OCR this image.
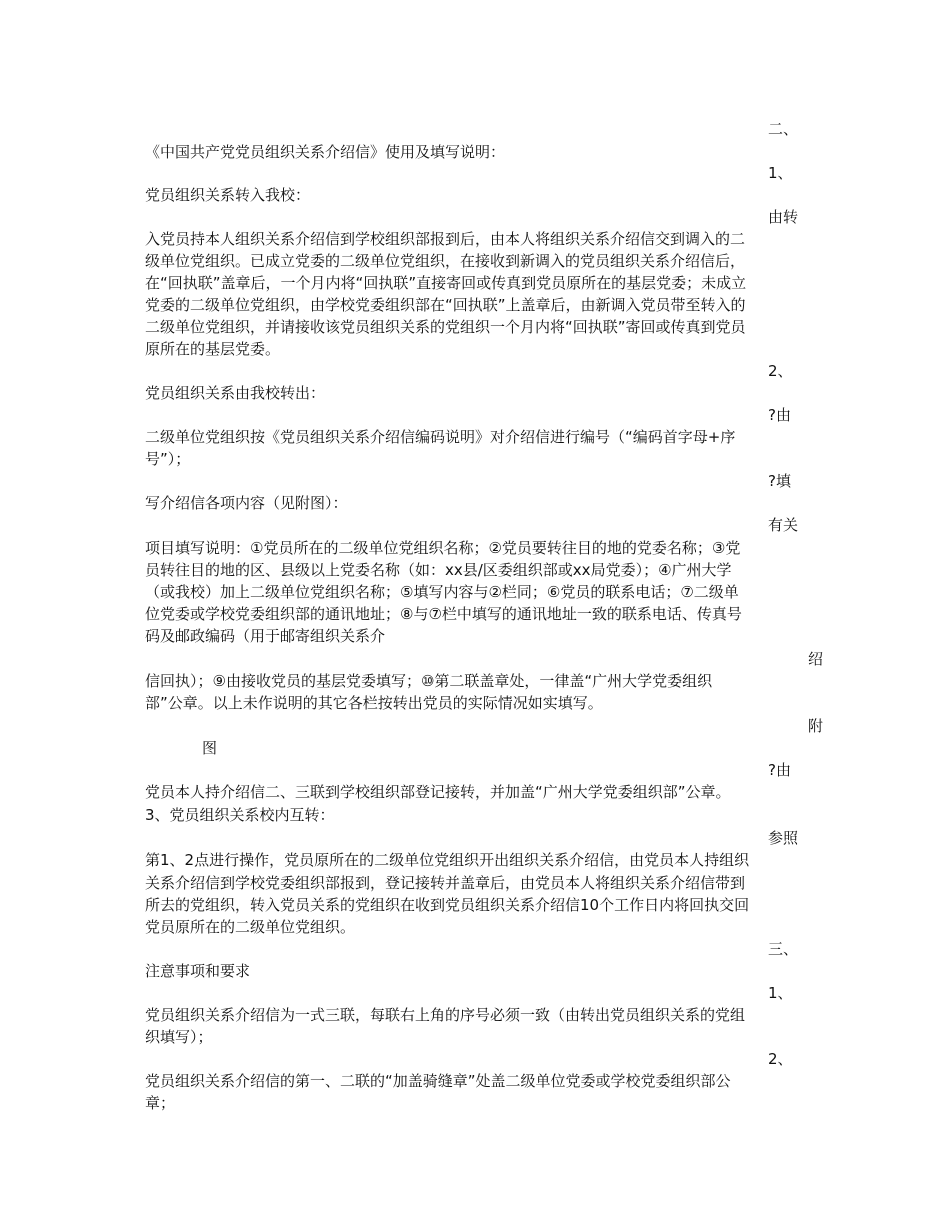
二、
《中国共产党党员组织关系介绍信》使用及填写说明：
1、
党员组织关系转入我校：
由转
入党员持本人组织关系介绍信到学校组织部报到后，由本人将组织关系介绍信交到调入的二
级单位党组织。已成立党委的二级单位党组织，在接收到新调入的党员组织关系介绍信后，
在“回执联”盖章后，一个月内将“回执联”直接寄回或传真到党员原所在的基层党委；未成立
党委的二级单位党组织，由学校党委组织部在“回执联”上盖章后，由新调入党员带至转入的
二级单位党组织，并请接收该党员组织关系的党组织一个月内将“回执联”寄回或传真到党员
原所在的基层党委。
2、
党员组织关系由我校转出：
?由
二级单位党组织按《党员组织关系介绍信编码说明》对介绍信进行编号（“编码首字母+序
号”）；
?填
写介绍信各项内容（见附图）：
有关
项目填写说明：①党员所在的二级单位党组织名称；②党员要转往目的地的党委名称；③党
员转往目的地的区、县级以上党委名称（如：xx县/区委组织部或xx局党委）；④广州大学
（或我校）加上二级单位党组织名称；⑤填写内容与②栏同；⑥党员的联系电话；⑦二级单
位党委或学校党委组织部的通讯地址；⑧与⑦栏中填写的通讯地址一致的联系电话、传真号
码及邮政编码（用于邮寄组织关系介
绍
信回执）；⑨由接收党员的基层党委填写；⑩第二联盖章处，一律盖“广州大学党委组织
部”公章。以上未作说明的其它各栏按转出党员的实际情况如实填写。
附
图
?由
党员本人持介绍信二、三联到学校组织部登记接转，并加盖“广州大学党委组织部”公章。
3、党员组织关系校内互转：
参照
第1、2点进行操作，党员原所在的二级单位党组织开出组织关系介绍信，由党员本人持组织
关系介绍信到学校党委组织部报到，登记接转并盖章后，由党员本人将组织关系介绍信带到
所去的党组织，转入党员关系的党组织在收到党员组织关系介绍信10个工作日内将回执交回
党员原所在的二级单位党组织。
三、
注意事项和要求
1、
党员组织关系介绍信为一式三联，每联右上角的序号必须一致（由转出党员组织关系的党组
织填写）；
2、
党员组织关系介绍信的第一、二联的“加盖骑缝章”处盖二级单位党委或学校党委组织部公
章；
